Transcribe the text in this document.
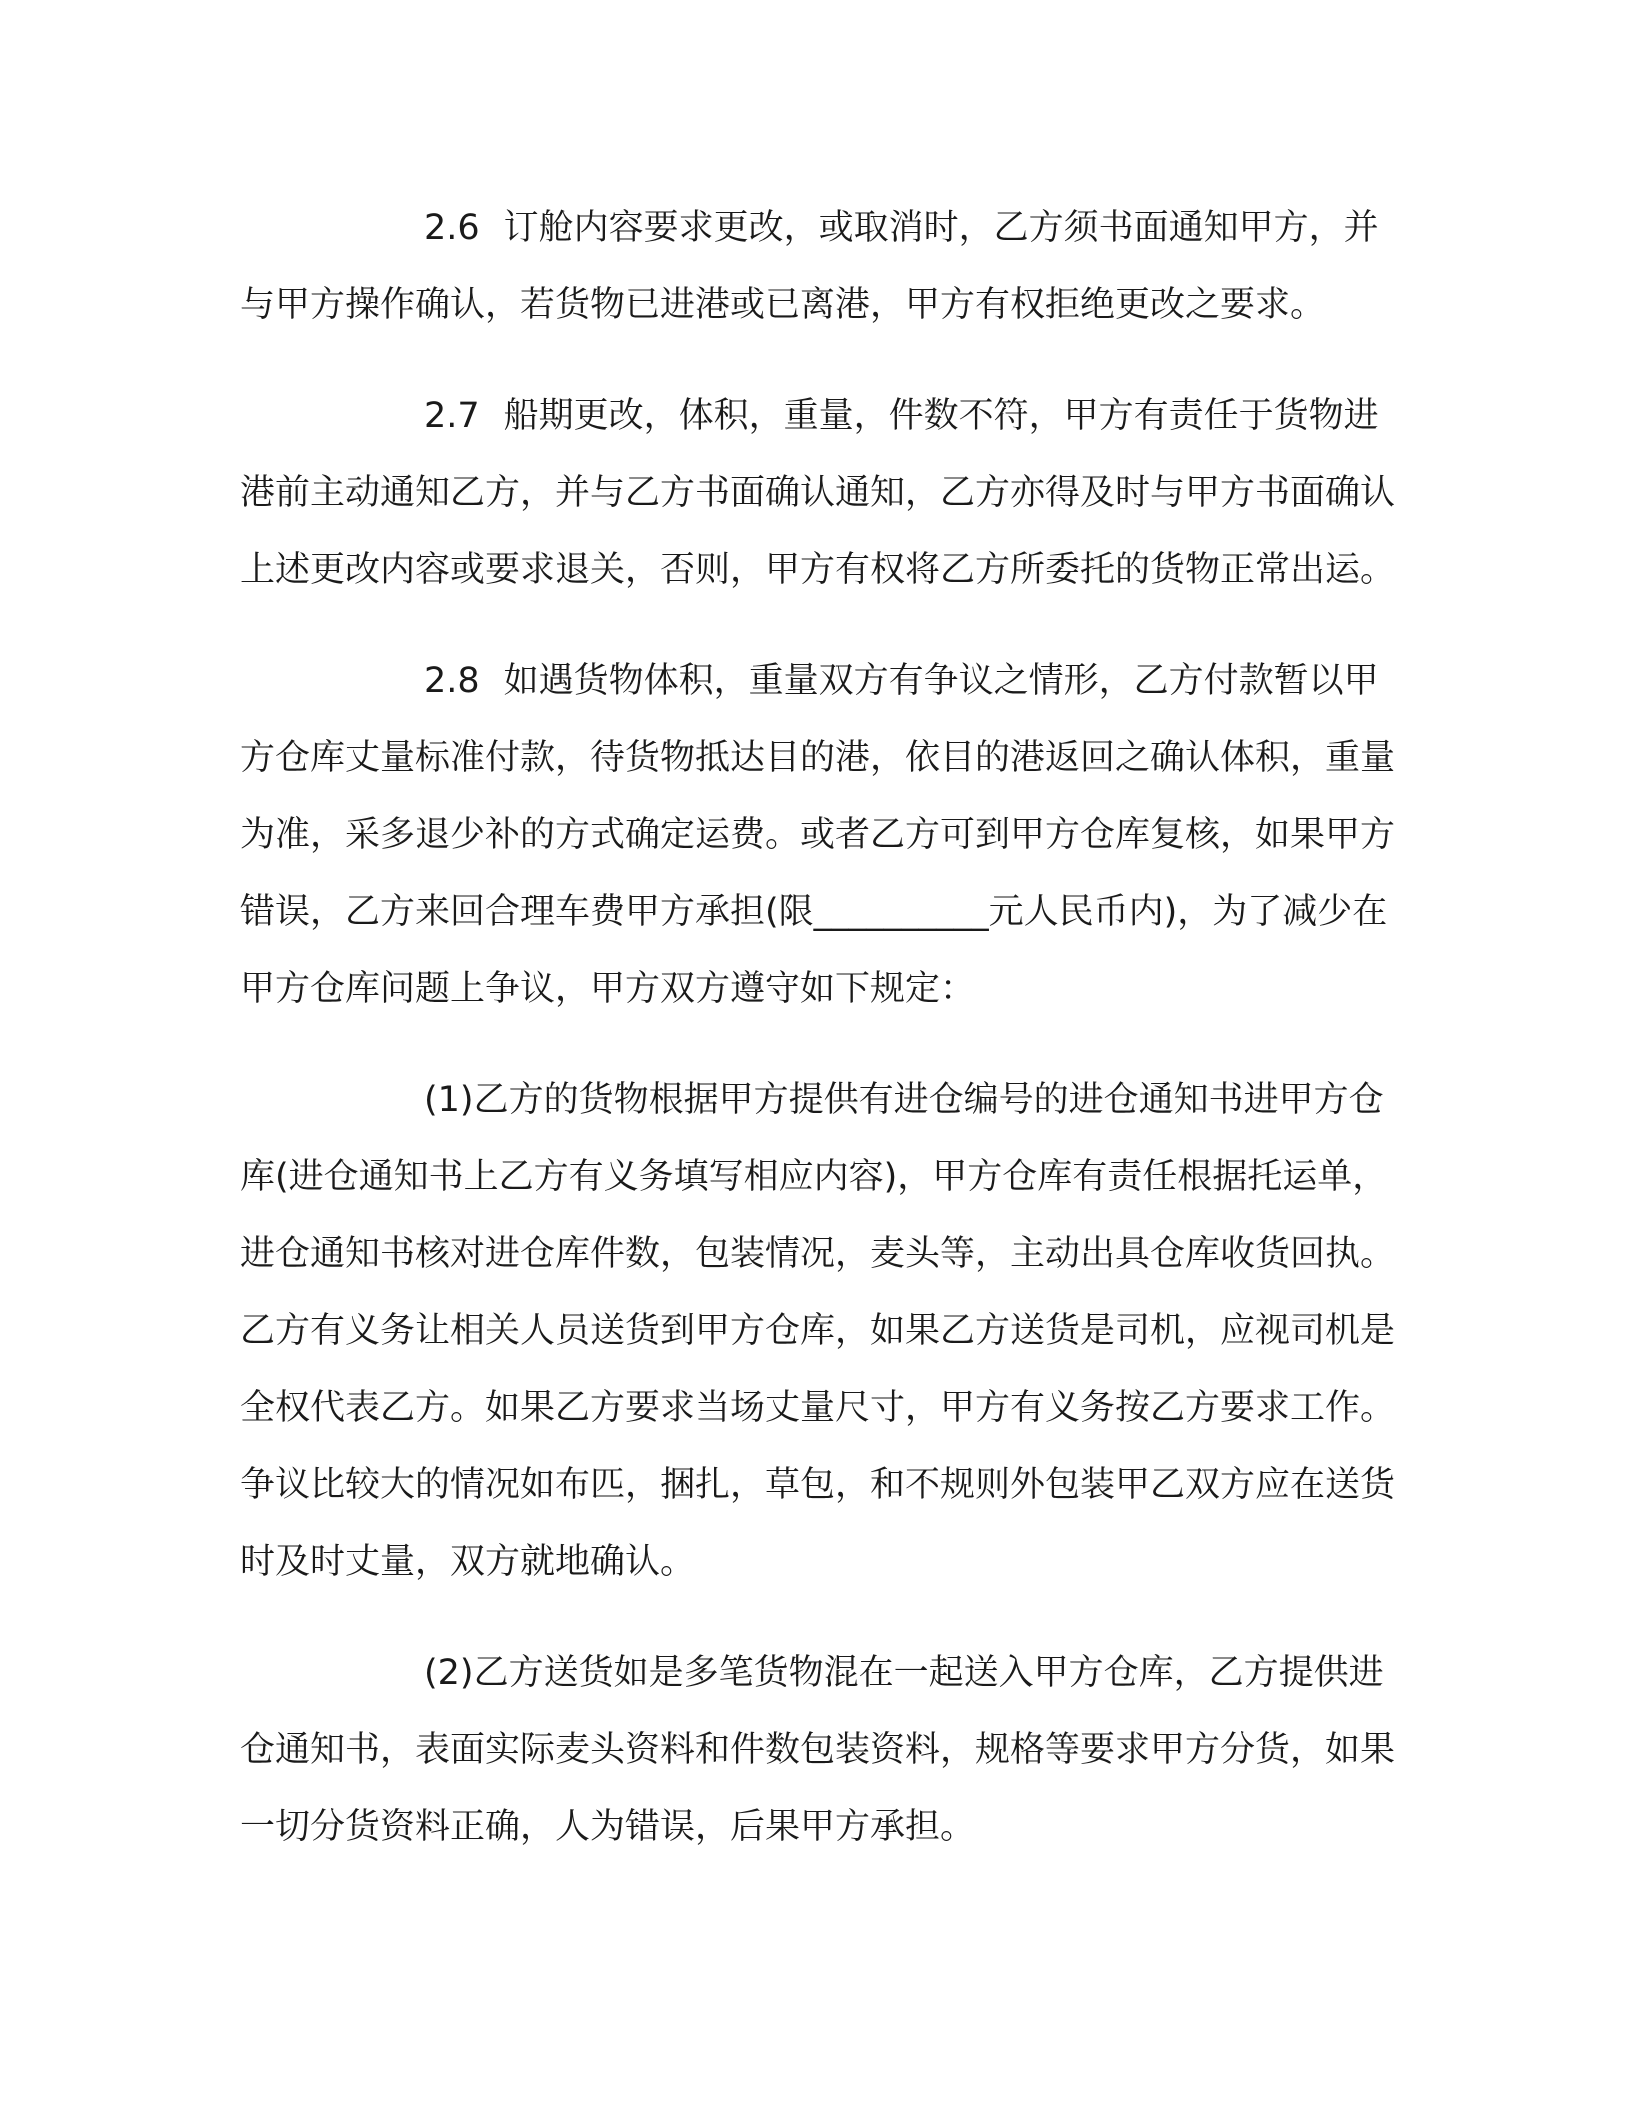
2.6 订舱内容要求更改，或取消时，乙方须书面通知甲方，并与甲方操作确认，若货物已进港或已离港，甲方有权拒绝更改之要求。

2.7 船期更改，体积，重量，件数不符，甲方有责任于货物进港前主动通知乙方，并与乙方书面确认通知，乙方亦得及时与甲方书面确认上述更改内容或要求退关，否则，甲方有权将乙方所委托的货物正常出运。

2.8 如遇货物体积，重量双方有争议之情形，乙方付款暂以甲方仓库丈量标准付款，待货物抵达目的港，依目的港返回之确认体积，重量为准，采多退少补的方式确定运费。或者乙方可到甲方仓库复核，如果甲方错误，乙方来回合理车费甲方承担(限__________元人民币内)，为了减少在甲方仓库问题上争议，甲方双方遵守如下规定：

(1)乙方的货物根据甲方提供有进仓编号的进仓通知书进甲方仓库(进仓通知书上乙方有义务填写相应内容)，甲方仓库有责任根据托运单，进仓通知书核对进仓库件数，包装情况，麦头等，主动出具仓库收货回执。乙方有义务让相关人员送货到甲方仓库，如果乙方送货是司机，应视司机是全权代表乙方。如果乙方要求当场丈量尺寸，甲方有义务按乙方要求工作。争议比较大的情况如布匹，捆扎，草包，和不规则外包装甲乙双方应在送货时及时丈量，双方就地确认。

(2)乙方送货如是多笔货物混在一起送入甲方仓库，乙方提供进仓通知书，表面实际麦头资料和件数包装资料，规格等要求甲方分货，如果一切分货资料正确，人为错误，后果甲方承担。
